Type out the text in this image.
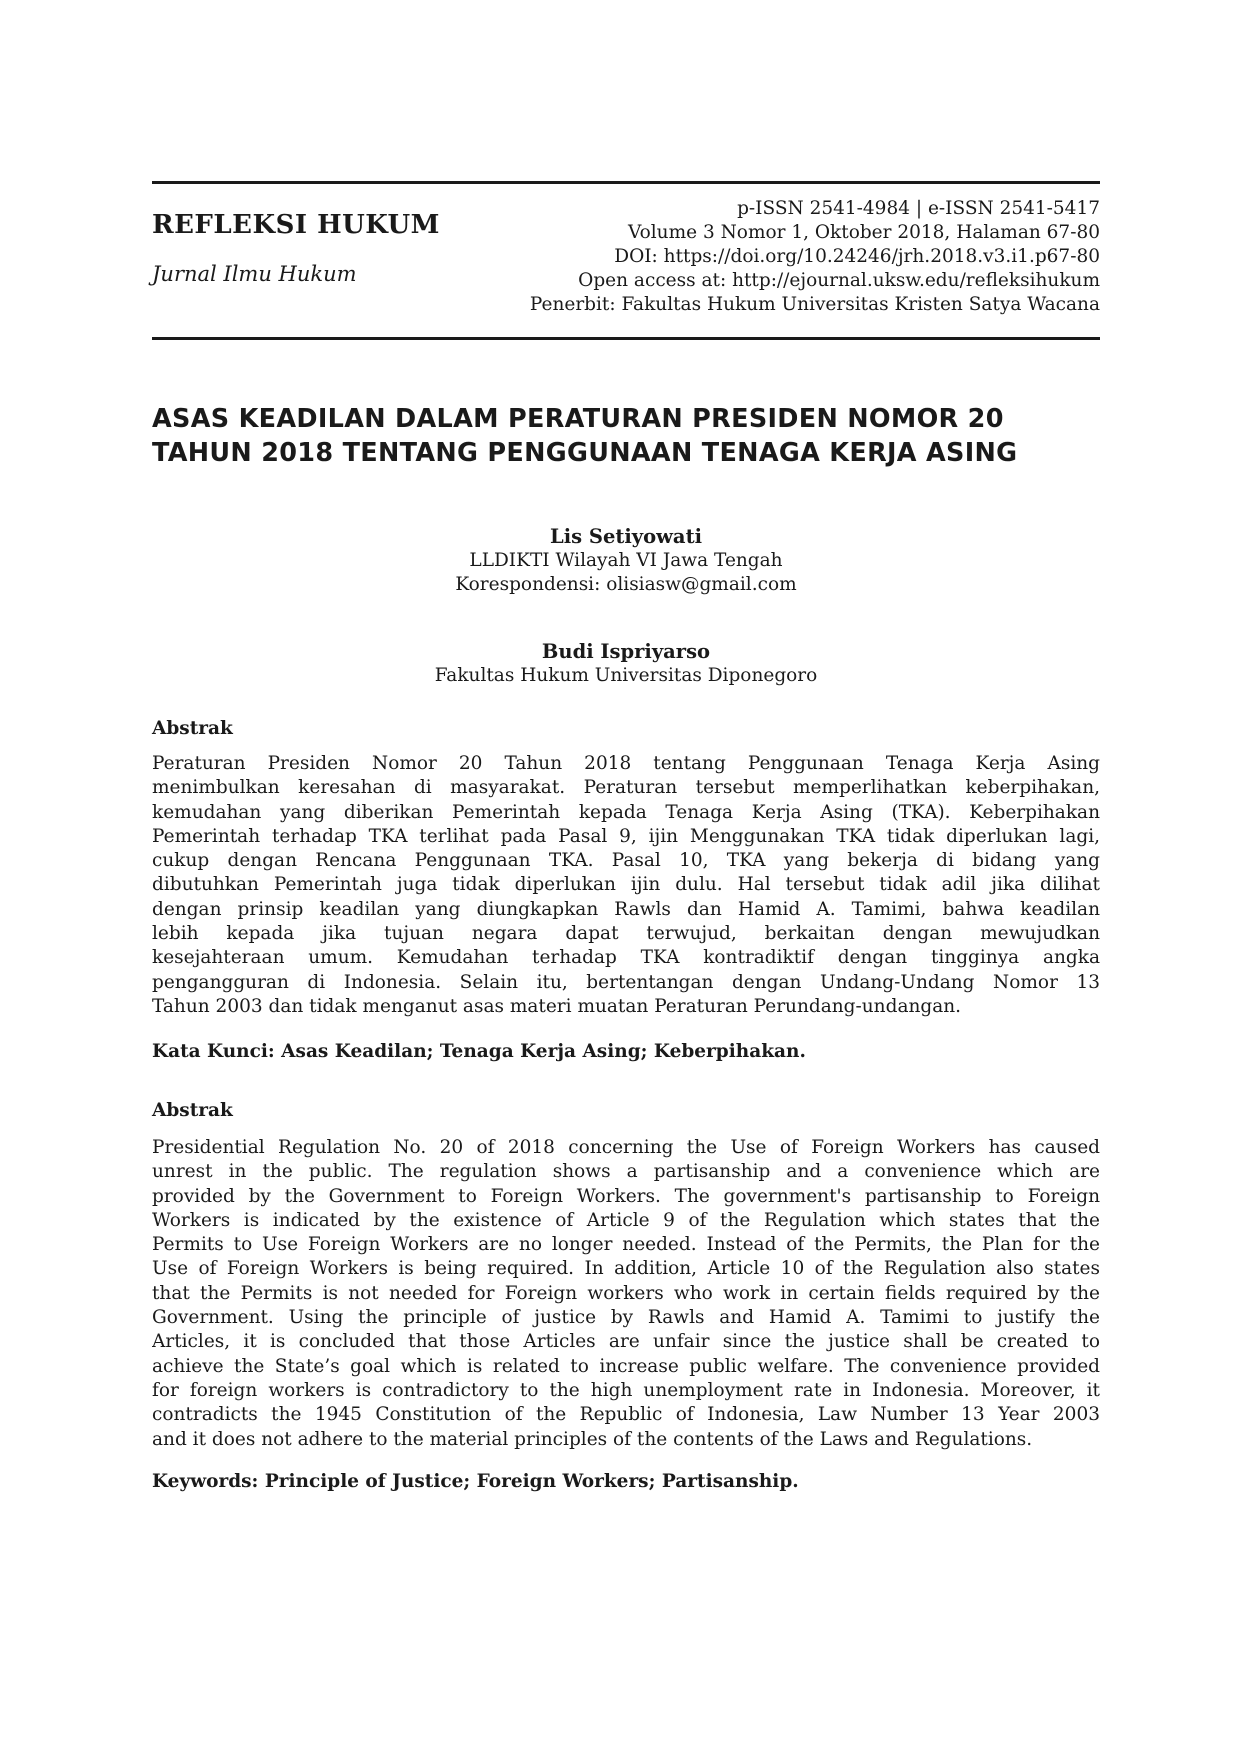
REFLEKSI HUKUM
Jurnal Ilmu Hukum
p-ISSN 2541-4984 | e-ISSN 2541-5417
Volume 3 Nomor 1, Oktober 2018, Halaman 67-80
DOI: https://doi.org/10.24246/jrh.2018.v3.i1.p67-80
Open access at: http://ejournal.uksw.edu/refleksihukum
Penerbit: Fakultas Hukum Universitas Kristen Satya Wacana
ASAS KEADILAN DALAM PERATURAN PRESIDEN NOMOR 20
TAHUN 2018 TENTANG PENGGUNAAN TENAGA KERJA ASING
Lis Setiyowati
LLDIKTI Wilayah VI Jawa Tengah
Korespondensi: olisiasw@gmail.com
Budi Ispriyarso
Fakultas Hukum Universitas Diponegoro
Abstrak
Peraturan Presiden Nomor 20 Tahun 2018 tentang Penggunaan Tenaga Kerja Asing
menimbulkan keresahan di masyarakat. Peraturan tersebut memperlihatkan keberpihakan,
kemudahan yang diberikan Pemerintah kepada Tenaga Kerja Asing (TKA). Keberpihakan
Pemerintah terhadap TKA terlihat pada Pasal 9, ijin Menggunakan TKA tidak diperlukan lagi,
cukup dengan Rencana Penggunaan TKA. Pasal 10, TKA yang bekerja di bidang yang
dibutuhkan Pemerintah juga tidak diperlukan ijin dulu. Hal tersebut tidak adil jika dilihat
dengan prinsip keadilan yang diungkapkan Rawls dan Hamid A. Tamimi, bahwa keadilan
lebih kepada jika tujuan negara dapat terwujud, berkaitan dengan mewujudkan
kesejahteraan umum. Kemudahan terhadap TKA kontradiktif dengan tingginya angka
pengangguran di Indonesia. Selain itu, bertentangan dengan Undang-Undang Nomor 13
Tahun 2003 dan tidak menganut asas materi muatan Peraturan Perundang-undangan.
Kata Kunci: Asas Keadilan; Tenaga Kerja Asing; Keberpihakan.
Abstrak
Presidential Regulation No. 20 of 2018 concerning the Use of Foreign Workers has caused
unrest in the public. The regulation shows a partisanship and a convenience which are
provided by the Government to Foreign Workers. The government's partisanship to Foreign
Workers is indicated by the existence of Article 9 of the Regulation which states that the
Permits to Use Foreign Workers are no longer needed. Instead of the Permits, the Plan for the
Use of Foreign Workers is being required. In addition, Article 10 of the Regulation also states
that the Permits is not needed for Foreign workers who work in certain fields required by the
Government. Using the principle of justice by Rawls and Hamid A. Tamimi to justify the
Articles, it is concluded that those Articles are unfair since the justice shall be created to
achieve the State’s goal which is related to increase public welfare. The convenience provided
for foreign workers is contradictory to the high unemployment rate in Indonesia. Moreover, it
contradicts the 1945 Constitution of the Republic of Indonesia, Law Number 13 Year 2003
and it does not adhere to the material principles of the contents of the Laws and Regulations.
Keywords: Principle of Justice; Foreign Workers; Partisanship.
